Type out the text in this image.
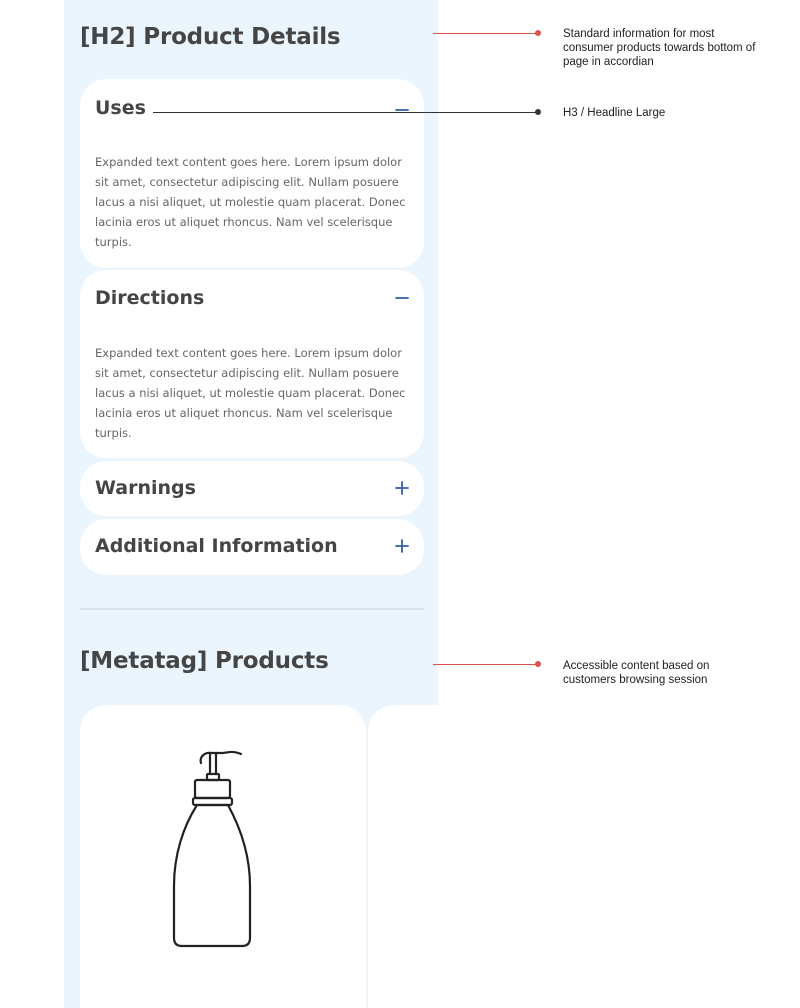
[H2] Product Details
Uses
Expanded text content goes here. Lorem ipsum dolor sit amet, consectetur adipiscing elit. Nullam posuere lacus a nisi aliquet, ut molestie quam placerat. Donec lacinia eros ut aliquet rhoncus. Nam vel scelerisque turpis.
Directions
Expanded text content goes here. Lorem ipsum dolor sit amet, consectetur adipiscing elit. Nullam posuere lacus a nisi aliquet, ut molestie quam placerat. Donec lacinia eros ut aliquet rhoncus. Nam vel scelerisque turpis.
Warnings
Additional Information
[Metatag] Products
Standard information for most consumer products towards bottom of page in accordian
H3 / Headline Large
Accessible content based on customers browsing session
